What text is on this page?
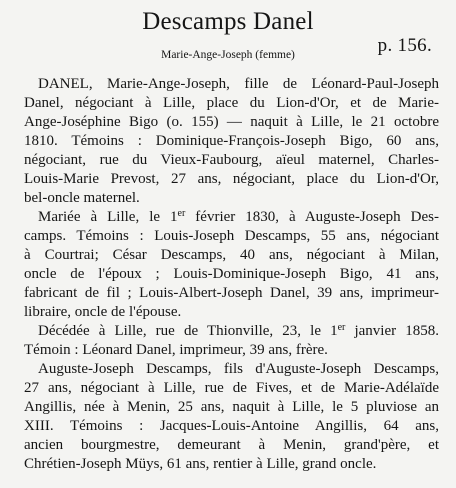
Descamps Danel
p. 156.
Marie-Ange-Joseph (femme)
DANEL, Marie-Ange-Joseph, fille de Léonard-Paul-Joseph
Danel, négociant à Lille, place du Lion-d'Or, et de Marie-
Ange-Joséphine Bigo (o. 155) — naquit à Lille, le 21 octobre
1810. Témoins : Dominique-François-Joseph Bigo, 60 ans,
négociant, rue du Vieux-Faubourg, aïeul maternel, Charles-
Louis-Marie Prevost, 27 ans, négociant, place du Lion-d'Or,
bel-oncle maternel.
Mariée à Lille, le 1er février 1830, à Auguste-Joseph Des-
camps. Témoins : Louis-Joseph Descamps, 55 ans, négociant
à Courtrai; César Descamps, 40 ans, négociant à Milan,
oncle de l'époux ; Louis-Dominique-Joseph Bigo, 41 ans,
fabricant de fil ; Louis-Albert-Joseph Danel, 39 ans, imprimeur-
libraire, oncle de l'épouse.
Décédée à Lille, rue de Thionville, 23, le 1er janvier 1858.
Témoin : Léonard Danel, imprimeur, 39 ans, frère.
Auguste-Joseph Descamps, fils d'Auguste-Joseph Descamps,
27 ans, négociant à Lille, rue de Fives, et de Marie-Adélaïde
Angillis, née à Menin, 25 ans, naquit à Lille, le 5 pluviose an
XIII. Témoins : Jacques-Louis-Antoine Angillis, 64 ans,
ancien bourgmestre, demeurant à Menin, grand'père, et
Chrétien-Joseph Müys, 61 ans, rentier à Lille, grand oncle.
